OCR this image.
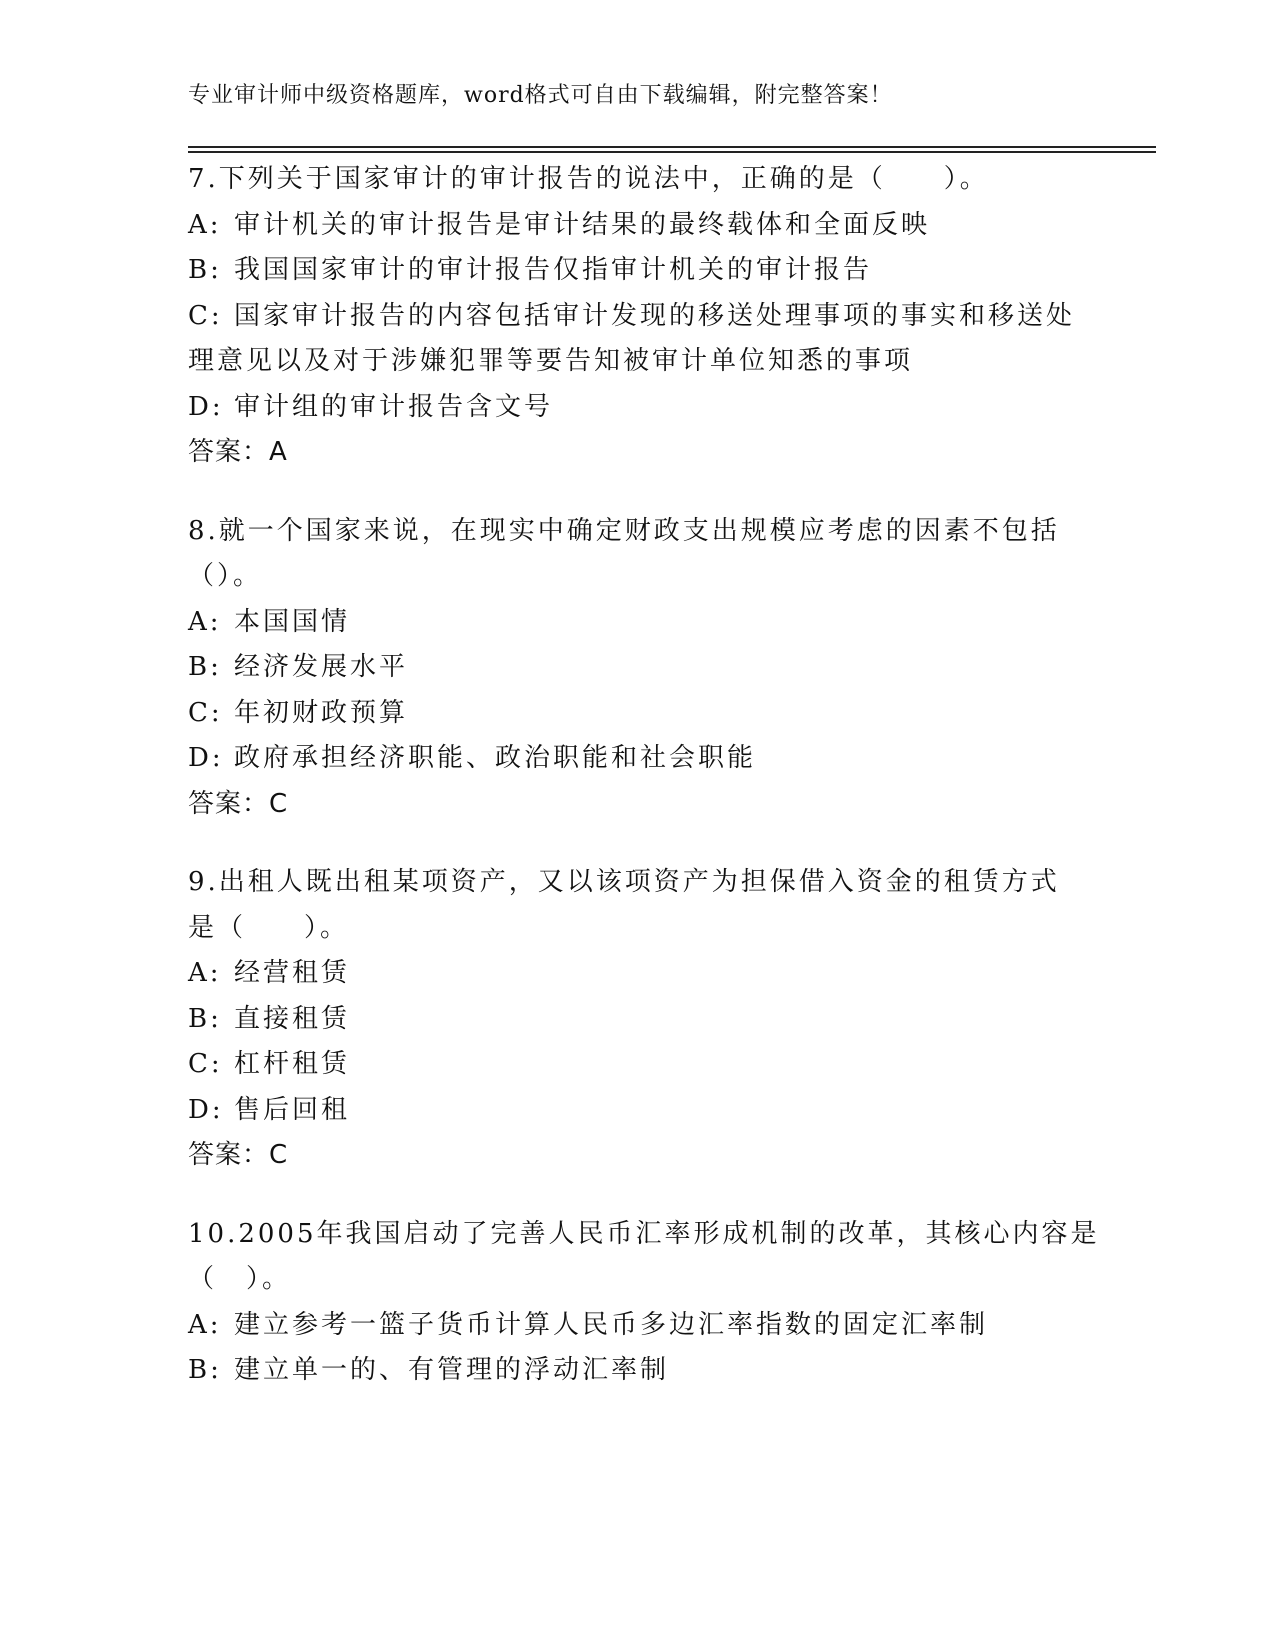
专业审计师中级资格题库，word格式可自由下载编辑，附完整答案！
7.下列关于国家审计的审计报告的说法中，正确的是（　　）。
A: 审计机关的审计报告是审计结果的最终载体和全面反映
B: 我国国家审计的审计报告仅指审计机关的审计报告
C: 国家审计报告的内容包括审计发现的移送处理事项的事实和移送处
理意见以及对于涉嫌犯罪等要告知被审计单位知悉的事项
D: 审计组的审计报告含文号
答案：A
8.就一个国家来说，在现实中确定财政支出规模应考虑的因素不包括
（）。
A: 本国国情
B: 经济发展水平
C: 年初财政预算
D: 政府承担经济职能、政治职能和社会职能
答案：C
9.出租人既出租某项资产，又以该项资产为担保借入资金的租赁方式
是（　　）。
A: 经营租赁
B: 直接租赁
C: 杠杆租赁
D: 售后回租
答案：C
10.2005年我国启动了完善人民币汇率形成机制的改革，其核心内容是
（　）。
A: 建立参考一篮子货币计算人民币多边汇率指数的固定汇率制
B: 建立单一的、有管理的浮动汇率制
